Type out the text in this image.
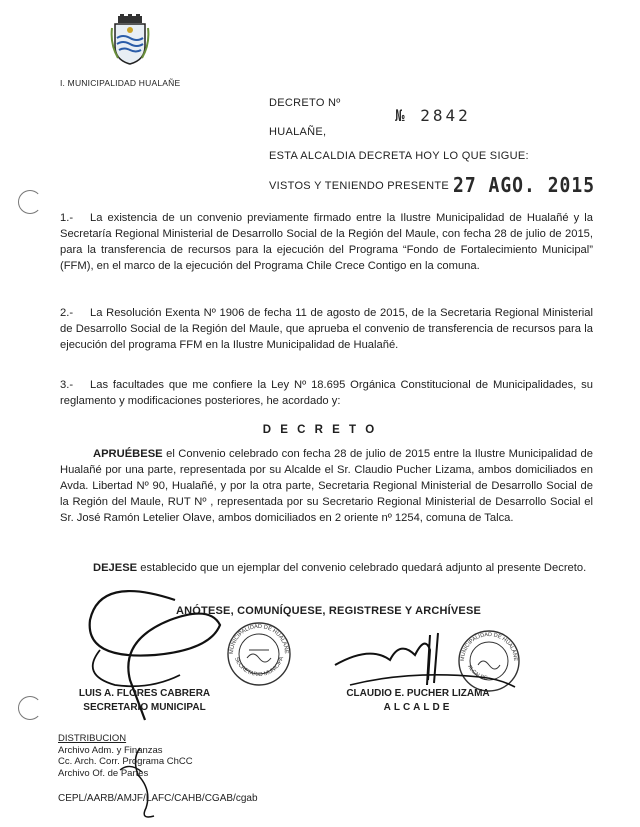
I. MUNICIPALIDAD HUALAÑE
DECRETO Nº
№ 2842
HUALAÑE,
ESTA ALCALDIA DECRETA HOY LO QUE SIGUE:
VISTOS Y TENIENDO PRESENTE 27 AGO. 2015
1.- La existencia de un convenio previamente firmado entre la Ilustre Municipalidad de Hualañé y la Secretaría Regional Ministerial de Desarrollo Social de la Región del Maule, con fecha 28 de julio de 2015, para la transferencia de recursos para la ejecución del Programa “Fondo de Fortalecimiento Municipal” (FFM), en el marco de la ejecución del Programa Chile Crece Contigo en la comuna.
2.- La Resolución Exenta Nº 1906 de fecha 11 de agosto de 2015, de la Secretaria Regional Ministerial de Desarrollo Social de la Región del Maule, que aprueba el convenio de transferencia de recursos para la ejecución del programa FFM en la Ilustre Municipalidad de Hualañé.
3.- Las facultades que me confiere la Ley Nº 18.695 Orgánica Constitucional de Municipalidades, su reglamento y modificaciones posteriores, he acordado y:
D E C R E T O
APRUÉBESE el Convenio celebrado con fecha 28 de julio de 2015 entre la Ilustre Municipalidad de Hualañé por una parte, representada por su Alcalde el Sr. Claudio Pucher Lizama, ambos domiciliados en Avda. Libertad Nº 90, Hualañé, y por la otra parte, Secretaria Regional Ministerial de Desarrollo Social de la Región del Maule, RUT Nº , representada por su Secretario Regional Ministerial de Desarrollo Social el Sr. José Ramón Letelier Olave, ambos domiciliados en 2 oriente nº 1254, comuna de Talca.
DEJESE establecido que un ejemplar del convenio celebrado quedará adjunto al presente Decreto.
ANÓTESE, COMUNÍQUESE, REGISTRESE Y ARCHÍVESE
MUNICIPALIDAD DE HUALAÑE
SECRETARIO MUNICIPA	MUNICIPALIDAD DE HUALAÑE
ALCALDE
LUIS A. FLORES CABRERA
SECRETARIO MUNICIPAL
CLAUDIO E. PUCHER LIZAMA
ALCALDE
DISTRIBUCION
Archivo Adm. y Finanzas
Cc. Arch. Corr. Programa ChCC
Archivo Of. de Partes
CEPL/AARB/AMJF/LAFC/CAHB/CGAB/cgab
